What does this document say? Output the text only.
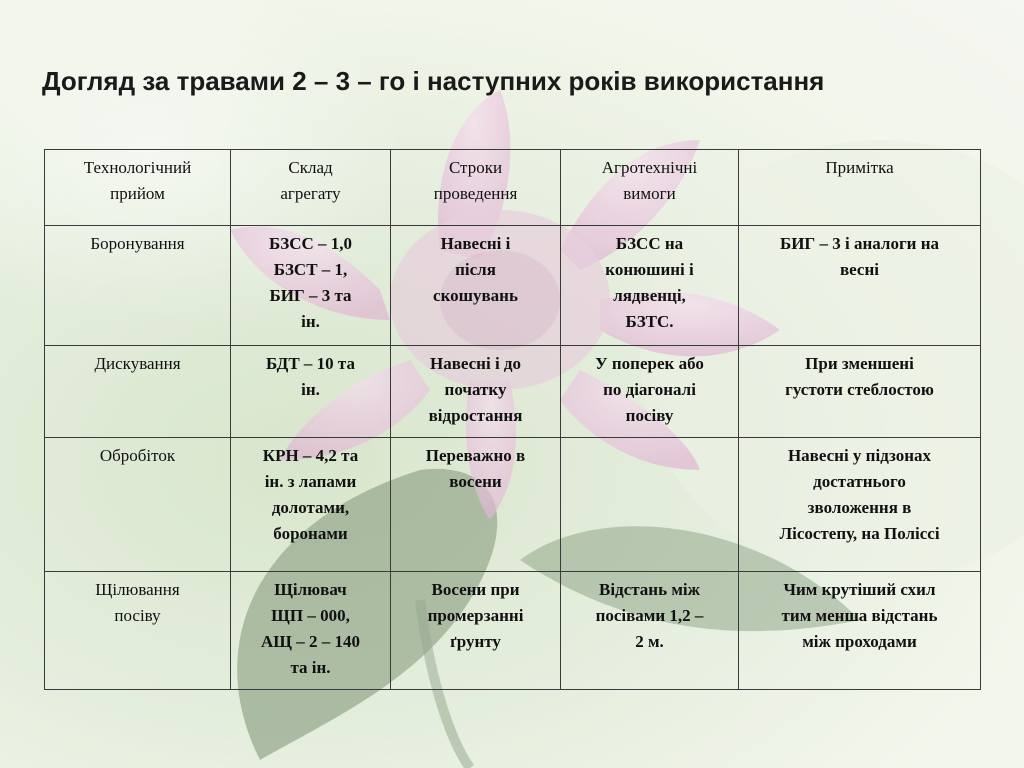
Догляд за травами 2 – 3 – го і наступних років використання
Технологічний
прийом	Склад
агрегату	Строки
проведення	Агротехнічні
вимоги	Примітка

Боронування	БЗСС – 1,0
БЗСТ – 1,
БИГ – 3 та
ін.	Навесні і
після
скошувань	БЗСС на
конюшині і
лядвенці,
БЗТС.	БИГ – 3 і аналоги на
весні

Дискування	БДТ – 10 та
ін.	Навесні і до
початку
відростання	У поперек або
по діагоналі
посіву	При зменшені
густоти стеблостою

Обробіток	КРН – 4,2 та
ін. з лапами
долотами,
боронами	Переважно в
восени		Навесні у підзонах
достатнього
зволоження в
Лісостепу, на Поліссі

Щілювання
посіву	Щілювач
ЩП – 000,
АЩ – 2 – 140
та ін.	Восени при
промерзанні
ґрунту	Відстань між
посівами 1,2 –
2 м.	Чим крутіший схил
тим менша відстань
між проходами
